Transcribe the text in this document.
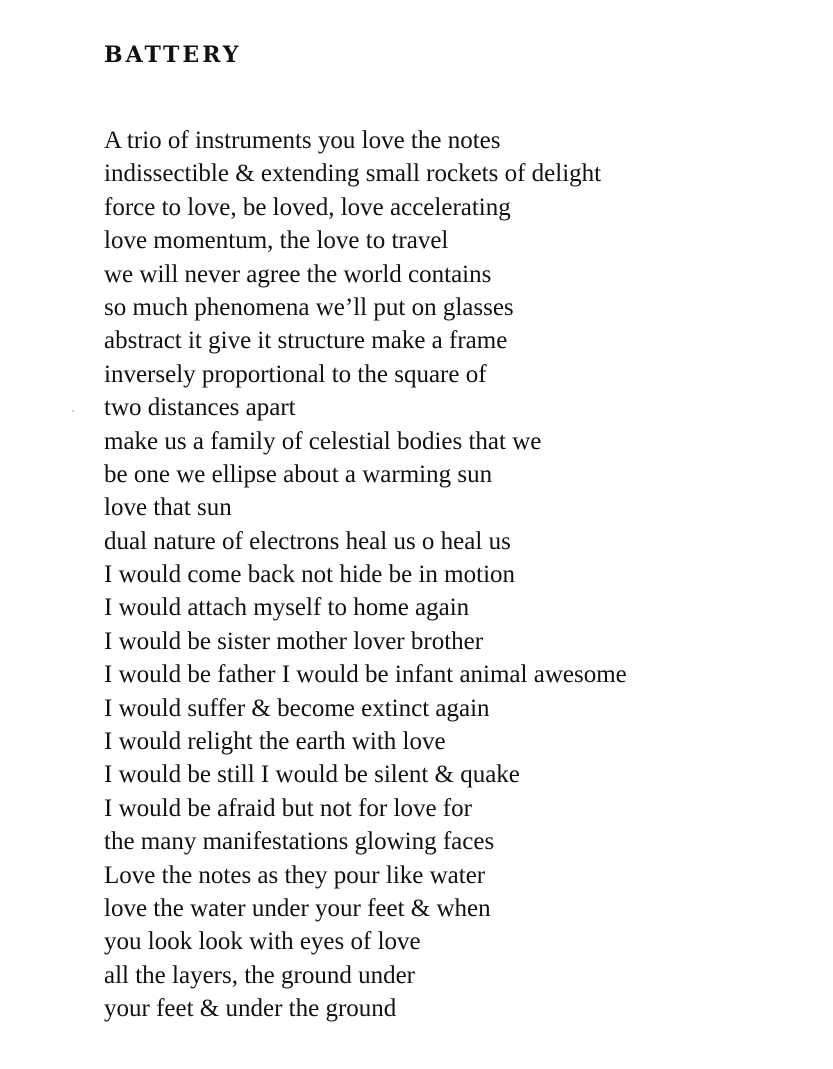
BATTERY
A trio of instruments you love the notes
indissectible & extending small rockets of delight
force to love, be loved, love accelerating
love momentum, the love to travel
we will never agree the world contains
so much phenomena we’ll put on glasses
abstract it give it structure make a frame
inversely proportional to the square of
two distances apart
make us a family of celestial bodies that we
be one we ellipse about a warming sun
love that sun
dual nature of electrons heal us o heal us
I would come back not hide be in motion
I would attach myself to home again
I would be sister mother lover brother
I would be father I would be infant animal awesome
I would suffer & become extinct again
I would relight the earth with love
I would be still I would be silent & quake
I would be afraid but not for love for
the many manifestations glowing faces
Love the notes as they pour like water
love the water under your feet & when
you look look with eyes of love
all the layers, the ground under
your feet & under the ground
